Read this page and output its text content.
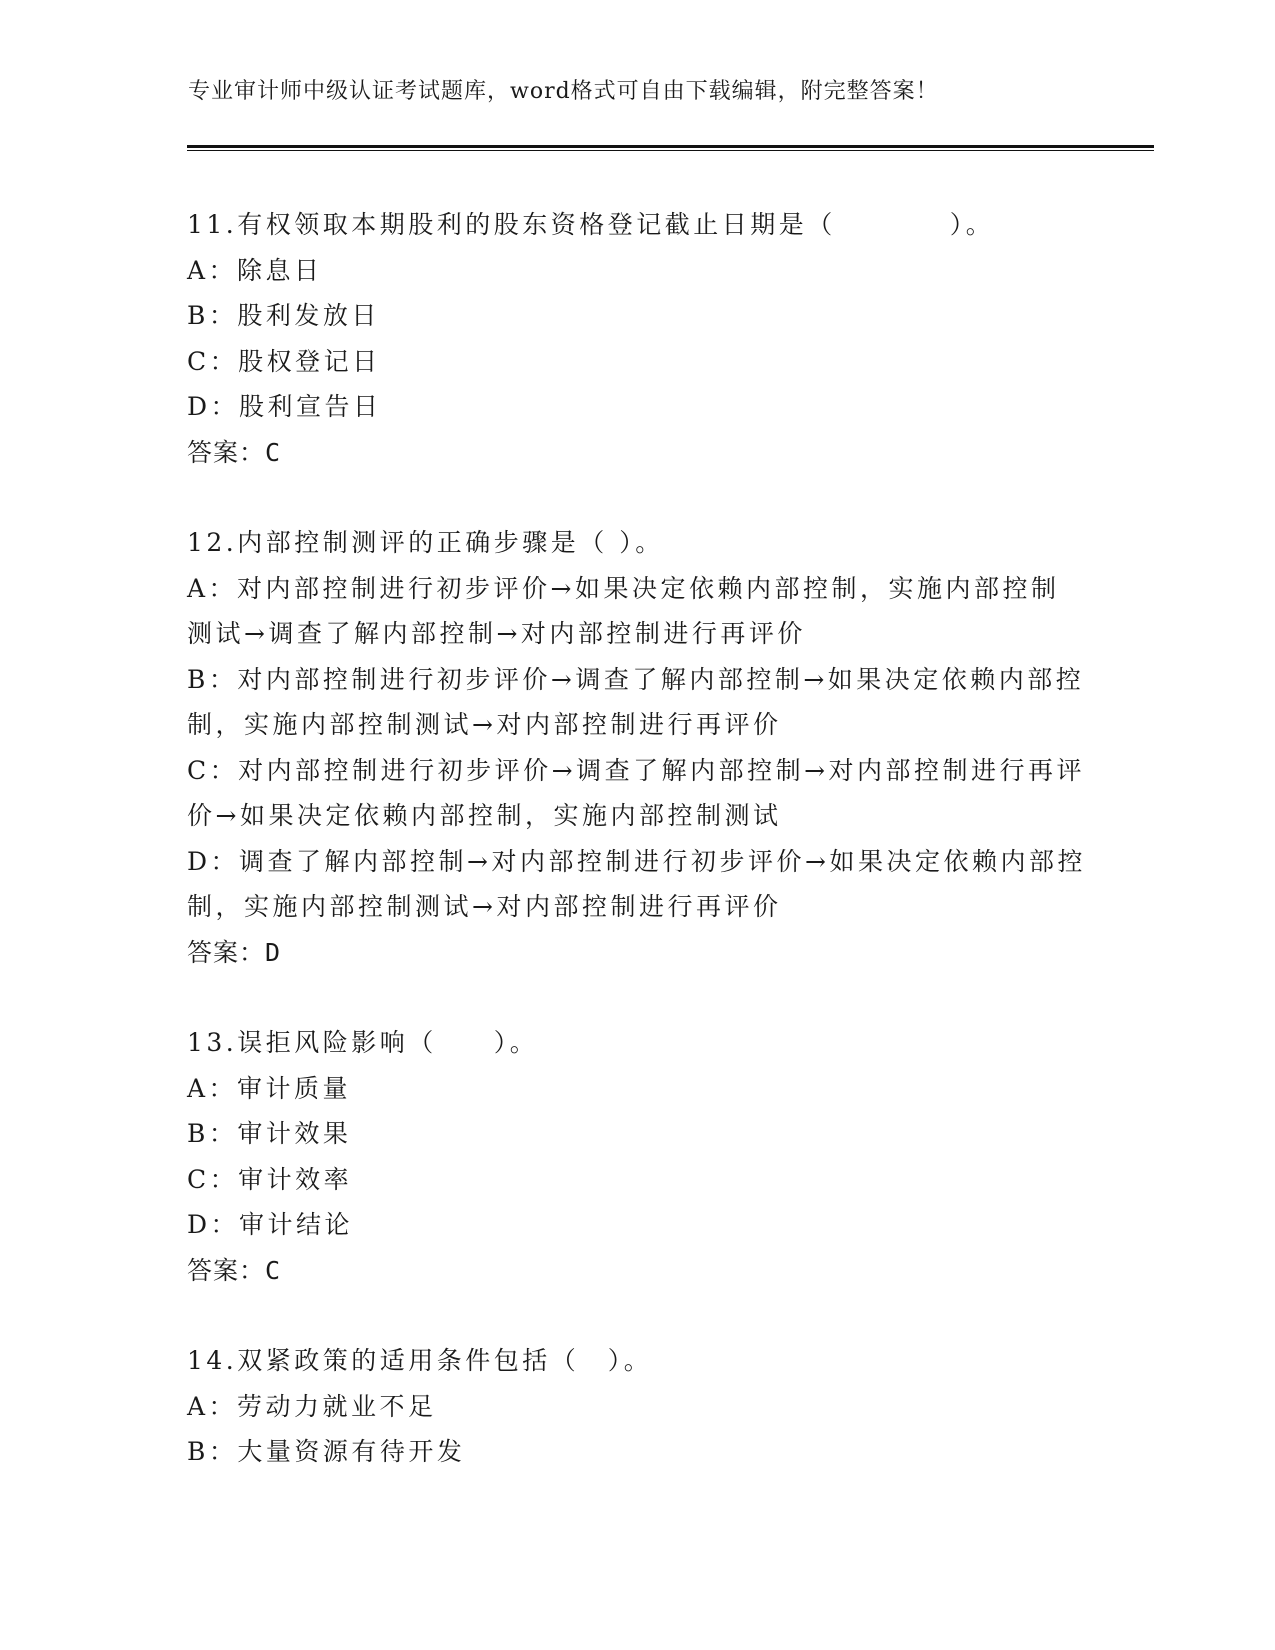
专业审计师中级认证考试题库，word格式可自由下载编辑，附完整答案！
11.有权领取本期股利的股东资格登记截止日期是（　　　　）。
A：除息日
B：股利发放日
C：股权登记日
D：股利宣告日
答案：C
12.内部控制测评的正确步骤是（ ）。
A：对内部控制进行初步评价→如果决定依赖内部控制，实施内部控制测试→调查了解内部控制→对内部控制进行再评价
B：对内部控制进行初步评价→调查了解内部控制→如果决定依赖内部控制，实施内部控制测试→对内部控制进行再评价
C：对内部控制进行初步评价→调查了解内部控制→对内部控制进行再评价→如果决定依赖内部控制，实施内部控制测试
D：调查了解内部控制→对内部控制进行初步评价→如果决定依赖内部控制，实施内部控制测试→对内部控制进行再评价
答案：D
13.误拒风险影响（　　）。
A：审计质量
B：审计效果
C：审计效率
D：审计结论
答案：C
14.双紧政策的适用条件包括（　）。
A：劳动力就业不足
B：大量资源有待开发
